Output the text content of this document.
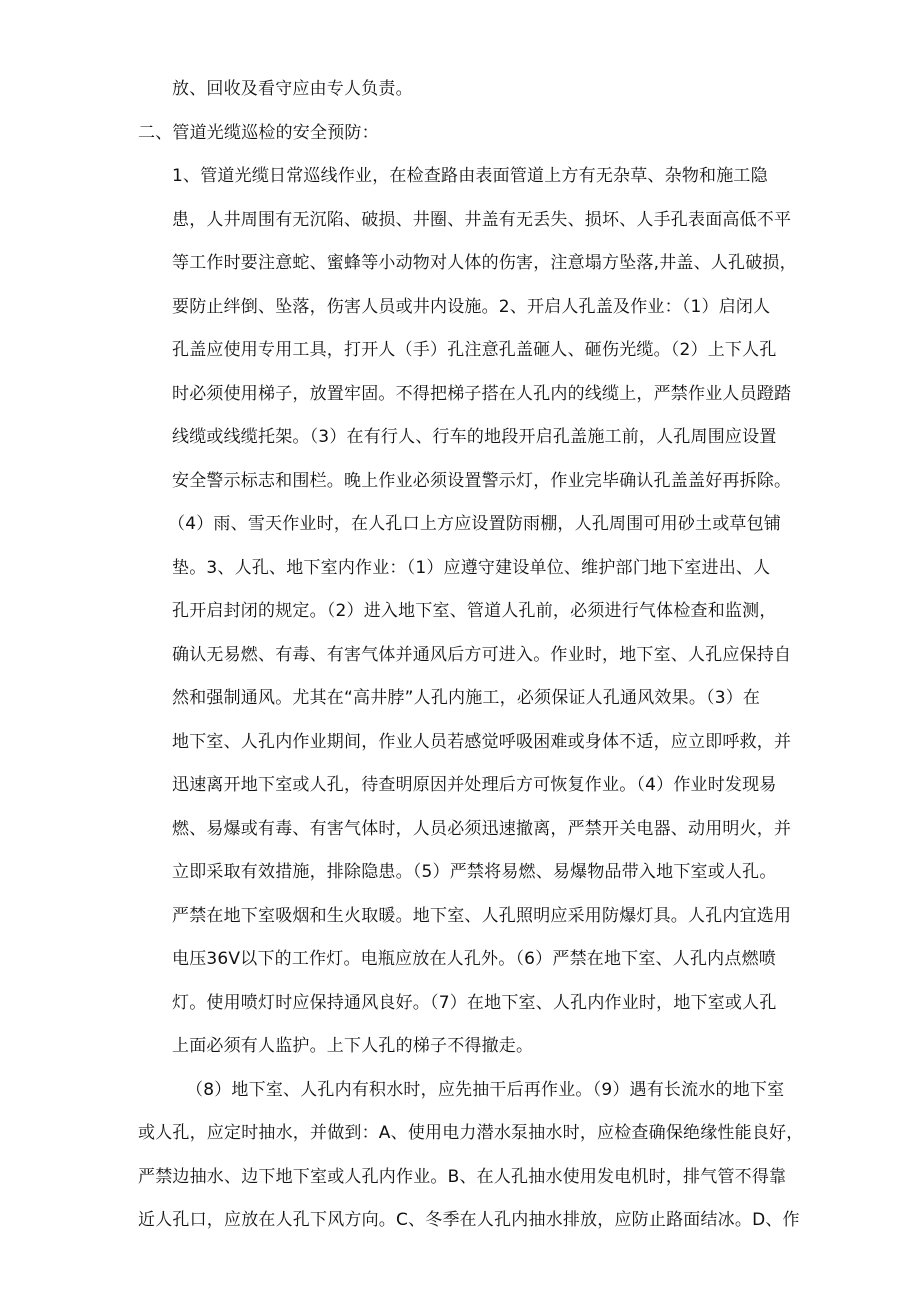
放、回收及看守应由专人负责。
二、管道光缆巡检的安全预防：
1、管道光缆日常巡线作业，在检查路由表面管道上方有无杂草、杂物和施工隐
患，人井周围有无沉陷、破损、井圈、井盖有无丢失、损坏、人手孔表面高低不平
等工作时要注意蛇、蜜蜂等小动物对人体的伤害，注意塌方坠落,井盖、人孔破损，
要防止绊倒、坠落，伤害人员或井内设施。2、开启人孔盖及作业：（1）启闭人
孔盖应使用专用工具，打开人（手）孔注意孔盖砸人、砸伤光缆。（2）上下人孔
时必须使用梯子，放置牢固。不得把梯子搭在人孔内的线缆上，严禁作业人员蹬踏
线缆或线缆托架。（3）在有行人、行车的地段开启孔盖施工前，人孔周围应设置
安全警示标志和围栏。晚上作业必须设置警示灯，作业完毕确认孔盖盖好再拆除。
（4）雨、雪天作业时，在人孔口上方应设置防雨棚，人孔周围可用砂土或草包铺
垫。3、人孔、地下室内作业：（1）应遵守建设单位、维护部门地下室进出、人
孔开启封闭的规定。（2）进入地下室、管道人孔前，必须进行气体检查和监测，
确认无易燃、有毒、有害气体并通风后方可进入。作业时，地下室、人孔应保持自
然和强制通风。尤其在“高井脖”人孔内施工，必须保证人孔通风效果。（3）在
地下室、人孔内作业期间，作业人员若感觉呼吸困难或身体不适，应立即呼救，并
迅速离开地下室或人孔，待查明原因并处理后方可恢复作业。（4）作业时发现易
燃、易爆或有毒、有害气体时，人员必须迅速撤离，严禁开关电器、动用明火，并
立即采取有效措施，排除隐患。（5）严禁将易燃、易爆物品带入地下室或人孔。
严禁在地下室吸烟和生火取暖。地下室、人孔照明应采用防爆灯具。人孔内宜选用
电压36V以下的工作灯。电瓶应放在人孔外。（6）严禁在地下室、人孔内点燃喷
灯。使用喷灯时应保持通风良好。（7）在地下室、人孔内作业时，地下室或人孔
上面必须有人监护。上下人孔的梯子不得撤走。
（8）地下室、人孔内有积水时，应先抽干后再作业。（9）遇有长流水的地下室
或人孔，应定时抽水，并做到：A、使用电力潜水泵抽水时，应检查确保绝缘性能良好，
严禁边抽水、边下地下室或人孔内作业。B、在人孔抽水使用发电机时，排气管不得靠
近人孔口，应放在人孔下风方向。C、冬季在人孔内抽水排放，应防止路面结冰。D、作
